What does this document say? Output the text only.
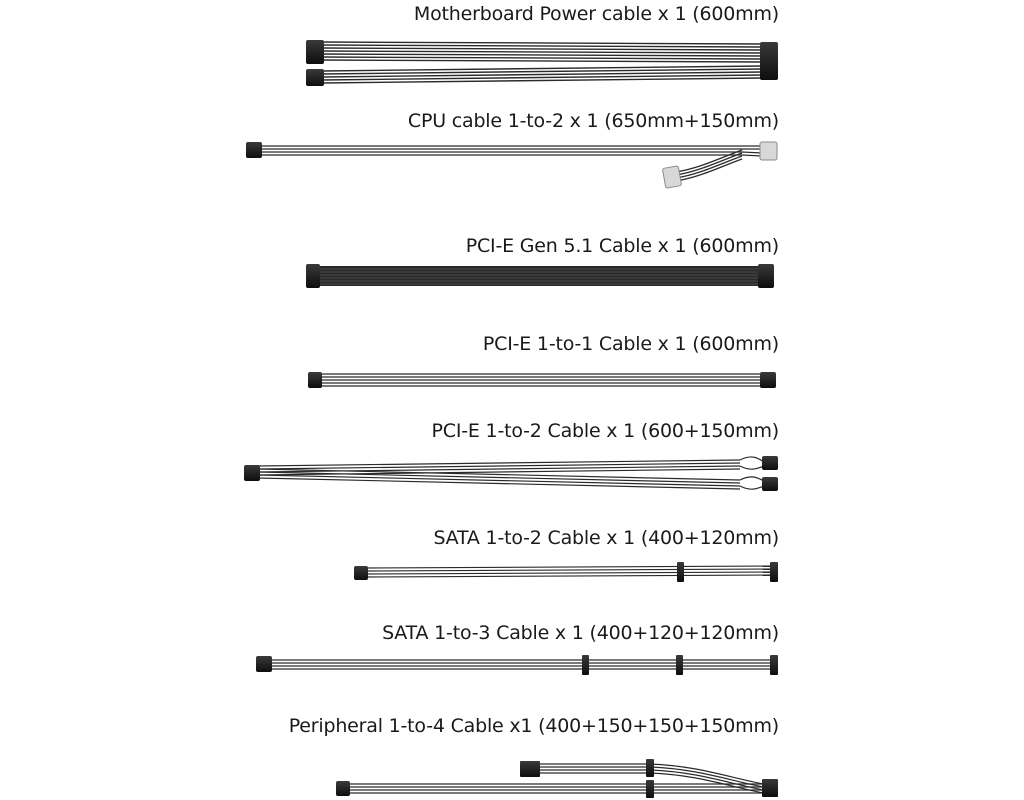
Motherboard Power cable x 1 (600mm)
CPU cable 1-to-2 x 1 (650mm+150mm)
PCI-E Gen 5.1 Cable x 1 (600mm)
PCI-E 1-to-1 Cable x 1 (600mm)
PCI-E 1-to-2 Cable x 1 (600+150mm)
SATA 1-to-2 Cable x 1 (400+120mm)
SATA 1-to-3 Cable x 1 (400+120+120mm)
Peripheral 1-to-4 Cable x1 (400+150+150+150mm)
